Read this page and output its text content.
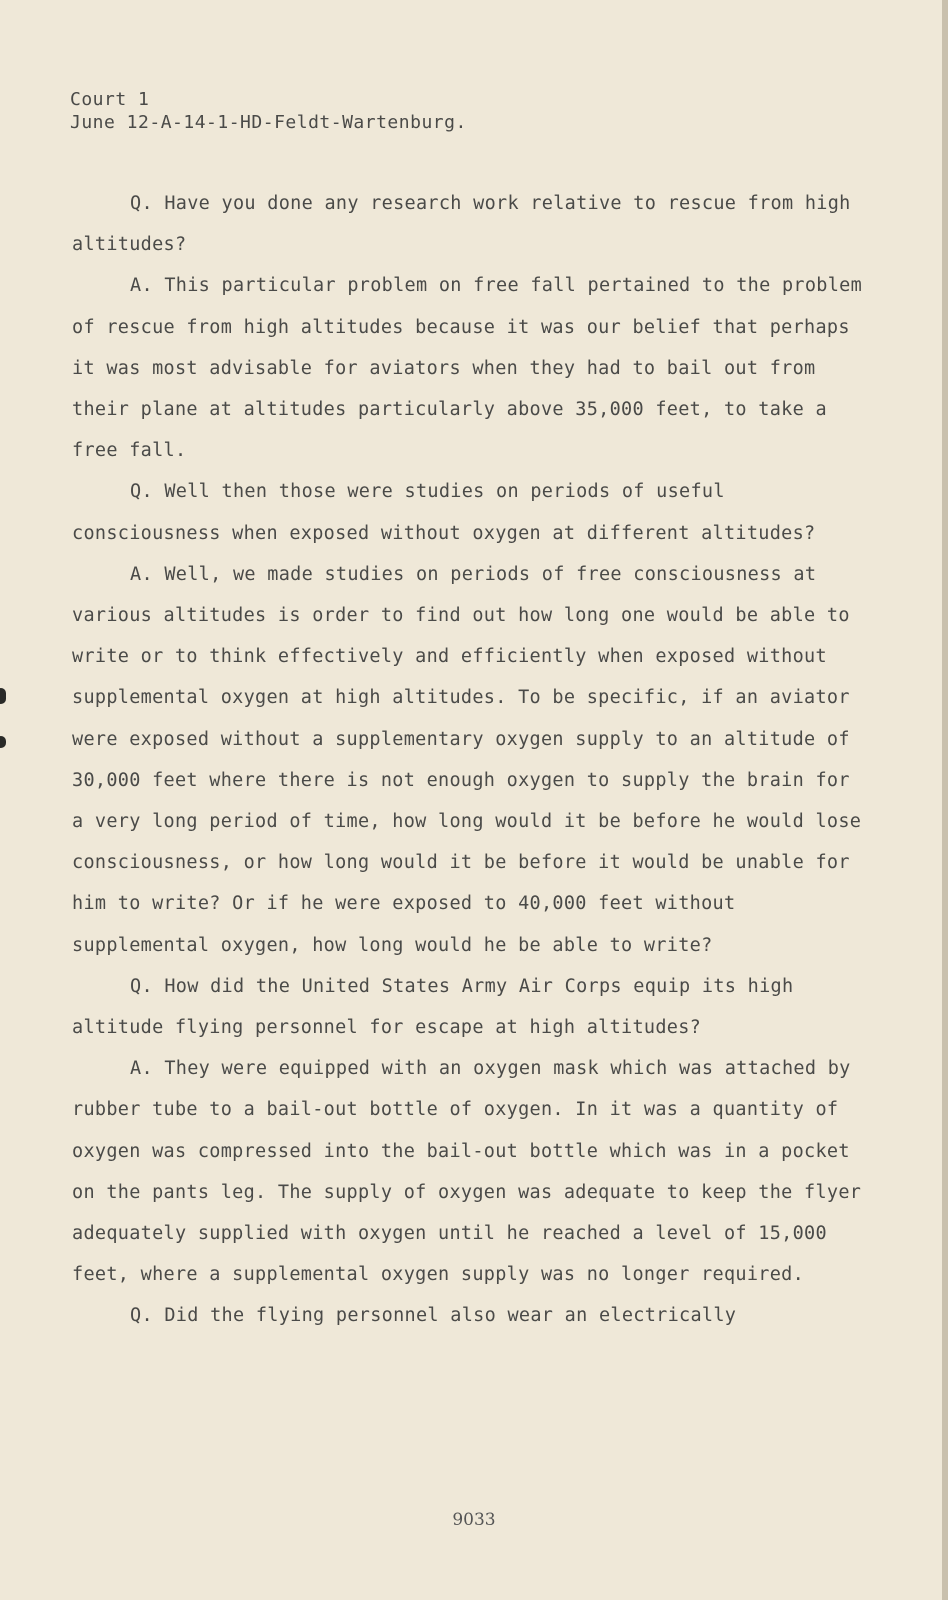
Court 1
June 12-A-14-1-HD-Feldt-Wartenburg.

Q. Have you done any research work relative to rescue from high altitudes?

A. This particular problem on free fall pertained to the problem of rescue from high altitudes because it was our belief that perhaps it was most advisable for aviators when they had to bail out from their plane at altitudes particularly above 35,000 feet, to take a free fall.

Q. Well then those were studies on periods of useful consciousness when exposed without oxygen at different altitudes?

A. Well, we made studies on periods of free consciousness at various altitudes is order to find out how long one would be able to write or to think effectively and efficiently when exposed without supplemental oxygen at high altitudes. To be specific, if an aviator were exposed without a supplementary oxygen supply to an altitude of 30,000 feet where there is not enough oxygen to supply the brain for a very long period of time, how long would it be before he would lose consciousness, or how long would it be before it would be unable for him to write? Or if he were exposed to 40,000 feet without supplemental oxygen, how long would he be able to write?

Q. How did the United States Army Air Corps equip its high altitude flying personnel for escape at high altitudes?

A. They were equipped with an oxygen mask which was attached by rubber tube to a bail-out bottle of oxygen. In it was a quantity of oxygen was compressed into the bail-out bottle which was in a pocket on the pants leg. The supply of oxygen was adequate to keep the flyer adequately supplied with oxygen until he reached a level of 15,000 feet, where a supplemental oxygen supply was no longer required.

Q. Did the flying personnel also wear an electrically

9033
